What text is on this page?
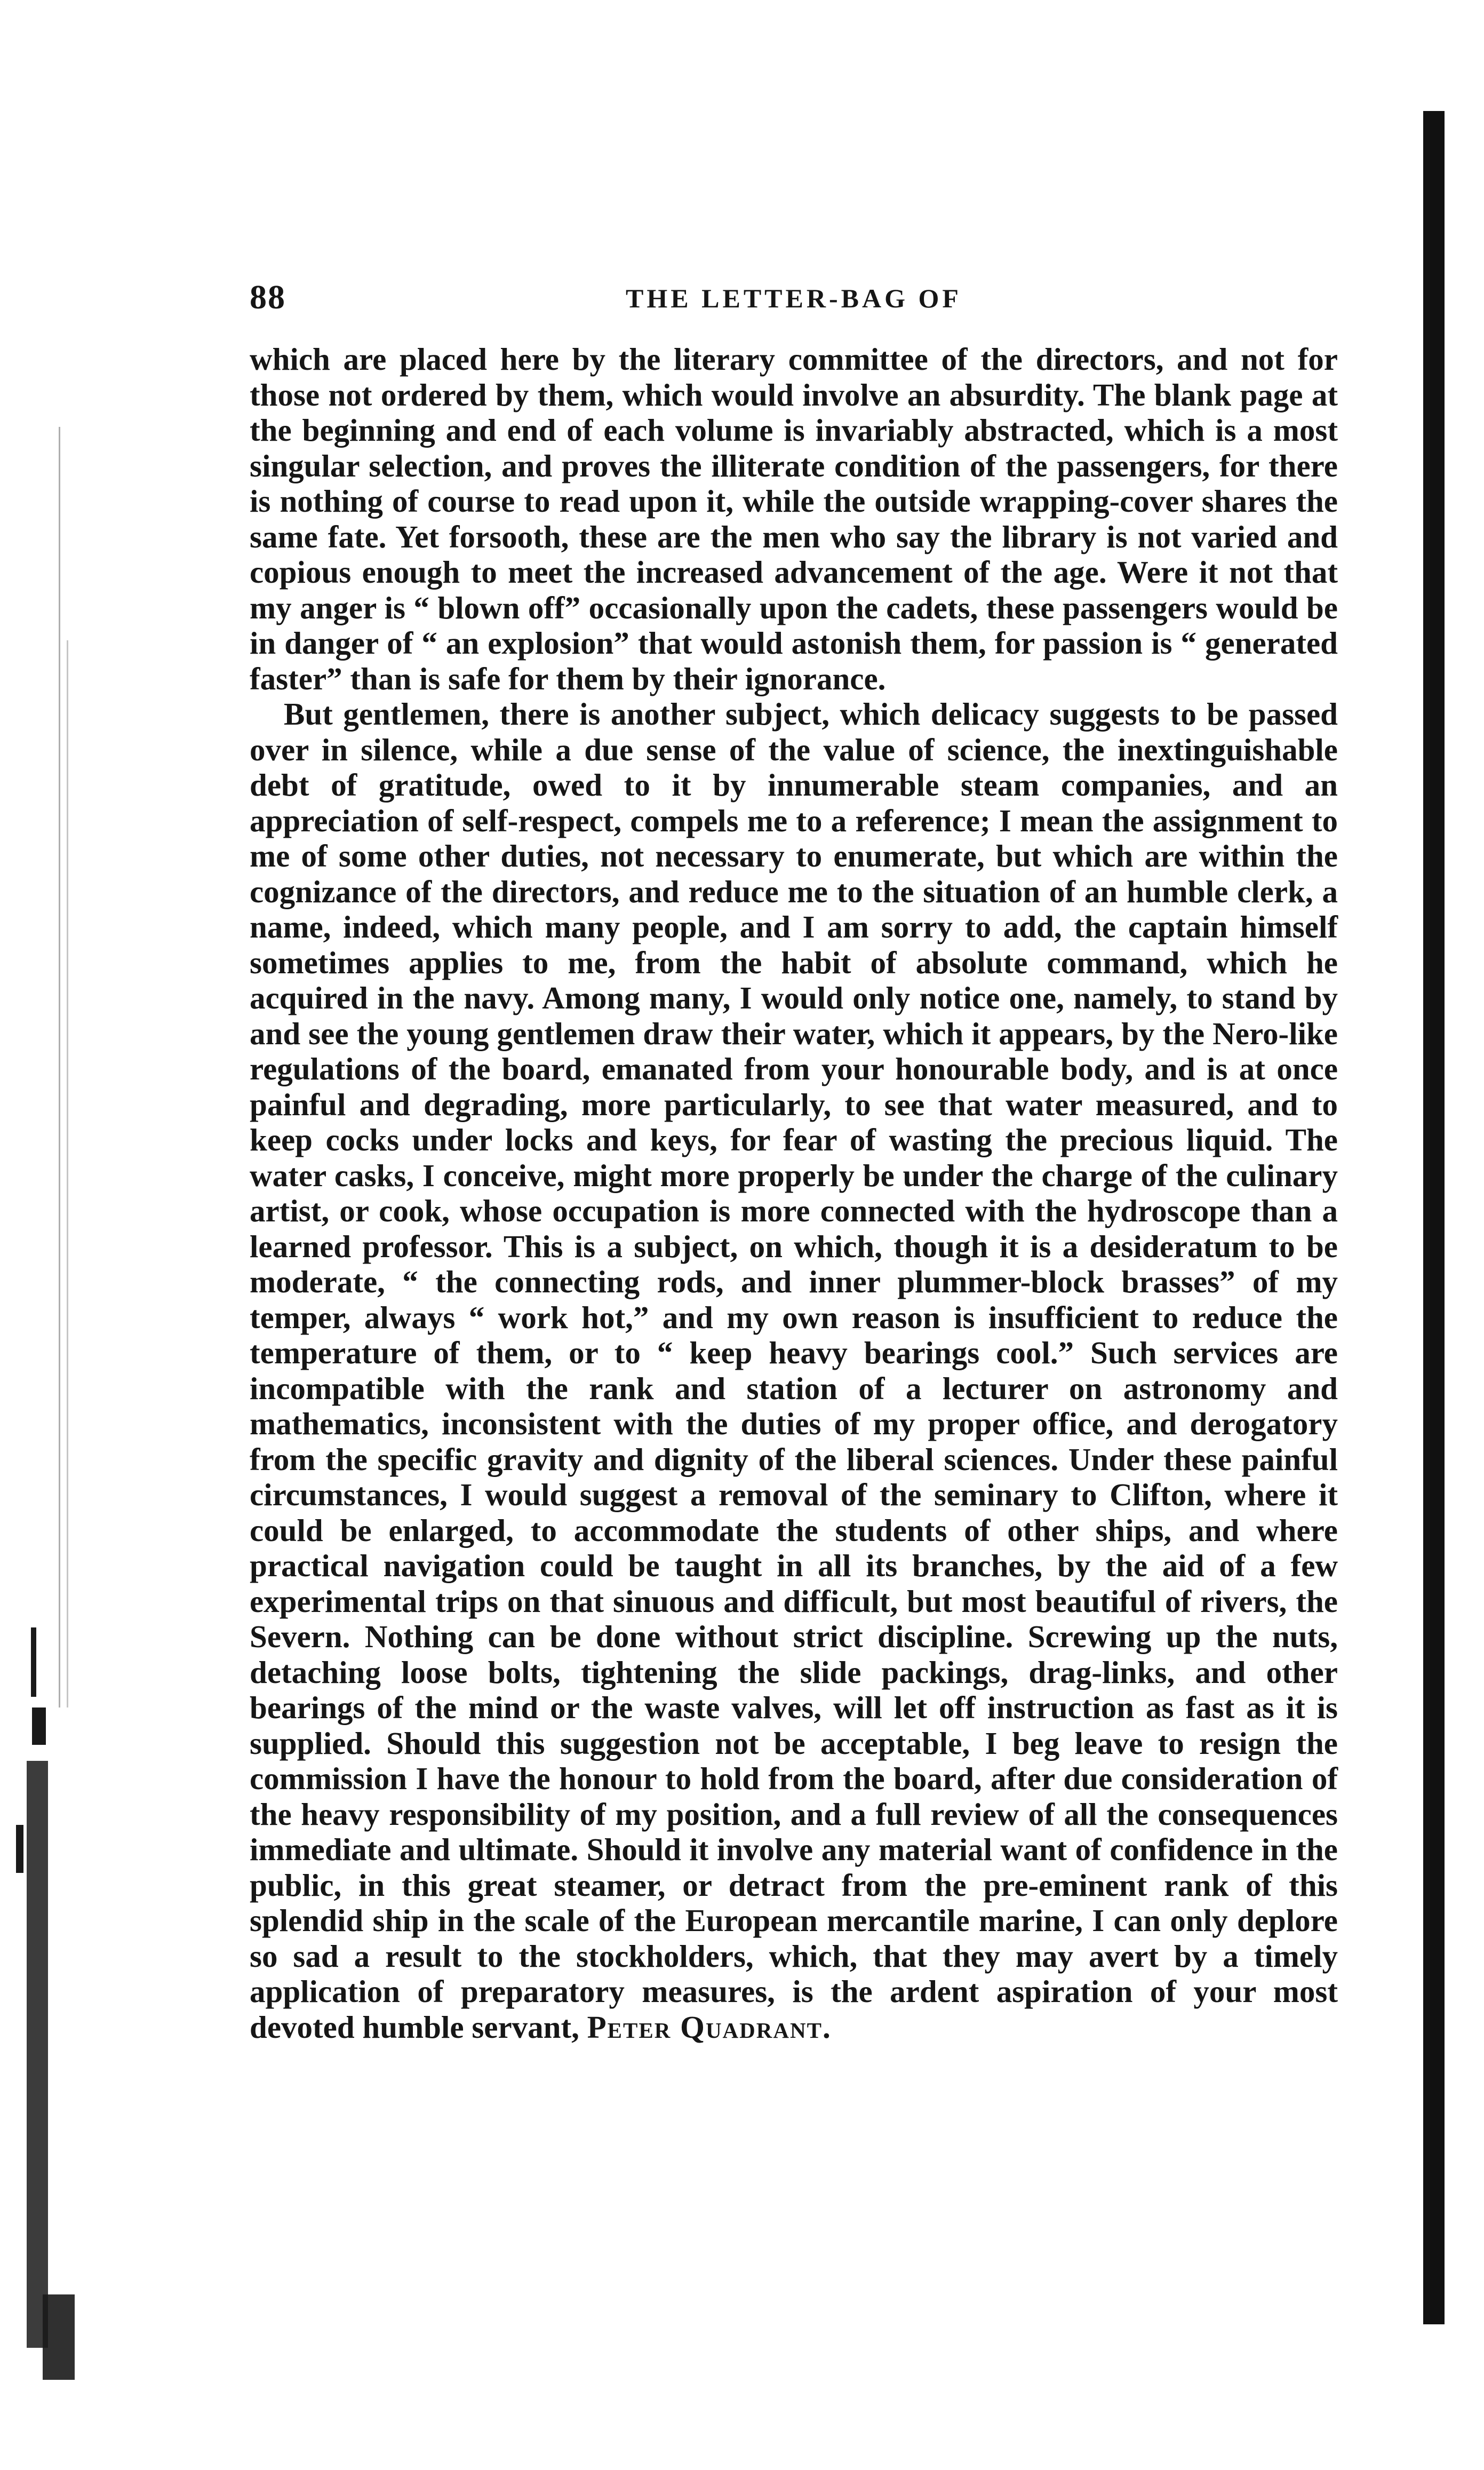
88	THE LETTER-BAG OF

which are placed here by the literary committee of the directors, and not for those not ordered by them, which would involve an absurdity. The blank page at the beginning and end of each volume is invariably abstracted, which is a most singular selection, and proves the illiterate condition of the passengers, for there is nothing of course to read upon it, while the outside wrapping-cover shares the same fate. Yet forsooth, these are the men who say the library is not varied and copious enough to meet the increased advancement of the age. Were it not that my anger is “ blown off” occasionally upon the cadets, these passengers would be in danger of “ an explosion” that would astonish them, for passion is “ generated faster” than is safe for them by their ignorance.

But gentlemen, there is another subject, which delicacy suggests to be passed over in silence, while a due sense of the value of science, the inextinguishable debt of gratitude, owed to it by innumerable steam companies, and an appreciation of self-respect, compels me to a reference; I mean the assignment to me of some other duties, not necessary to enumerate, but which are within the cognizance of the directors, and reduce me to the situation of an humble clerk, a name, indeed, which many people, and I am sorry to add, the captain himself sometimes applies to me, from the habit of absolute command, which he acquired in the navy. Among many, I would only notice one, namely, to stand by and see the young gentlemen draw their water, which it appears, by the Nero-like regulations of the board, emanated from your honourable body, and is at once painful and degrading, more particularly, to see that water measured, and to keep cocks under locks and keys, for fear of wasting the precious liquid. The water casks, I conceive, might more properly be under the charge of the culinary artist, or cook, whose occupation is more connected with the hydroscope than a learned professor. This is a subject, on which, though it is a desideratum to be moderate, “ the connecting rods, and inner plummer-block brasses” of my temper, always “ work hot,” and my own reason is insufficient to reduce the temperature of them, or to “ keep heavy bearings cool.” Such services are incompatible with the rank and station of a lecturer on astronomy and mathematics, inconsistent with the duties of my proper office, and derogatory from the specific gravity and dignity of the liberal sciences. Under these painful circumstances, I would suggest a removal of the seminary to Clifton, where it could be enlarged, to accommodate the students of other ships, and where practical navigation could be taught in all its branches, by the aid of a few experimental trips on that sinuous and difficult, but most beautiful of rivers, the Severn. Nothing can be done without strict discipline. Screwing up the nuts, detaching loose bolts, tightening the slide packings, drag-links, and other bearings of the mind or the waste valves, will let off instruction as fast as it is supplied. Should this suggestion not be acceptable, I beg leave to resign the commission I have the honour to hold from the board, after due consideration of the heavy responsibility of my position, and a full review of all the consequences immediate and ultimate. Should it involve any material want of confidence in the public, in this great steamer, or detract from the pre-eminent rank of this splendid ship in the scale of the European mercantile marine, I can only deplore so sad a result to the stockholders, which, that they may avert by a timely application of preparatory measures, is the ardent aspiration of your most devoted humble servant, Peter Quadrant.
